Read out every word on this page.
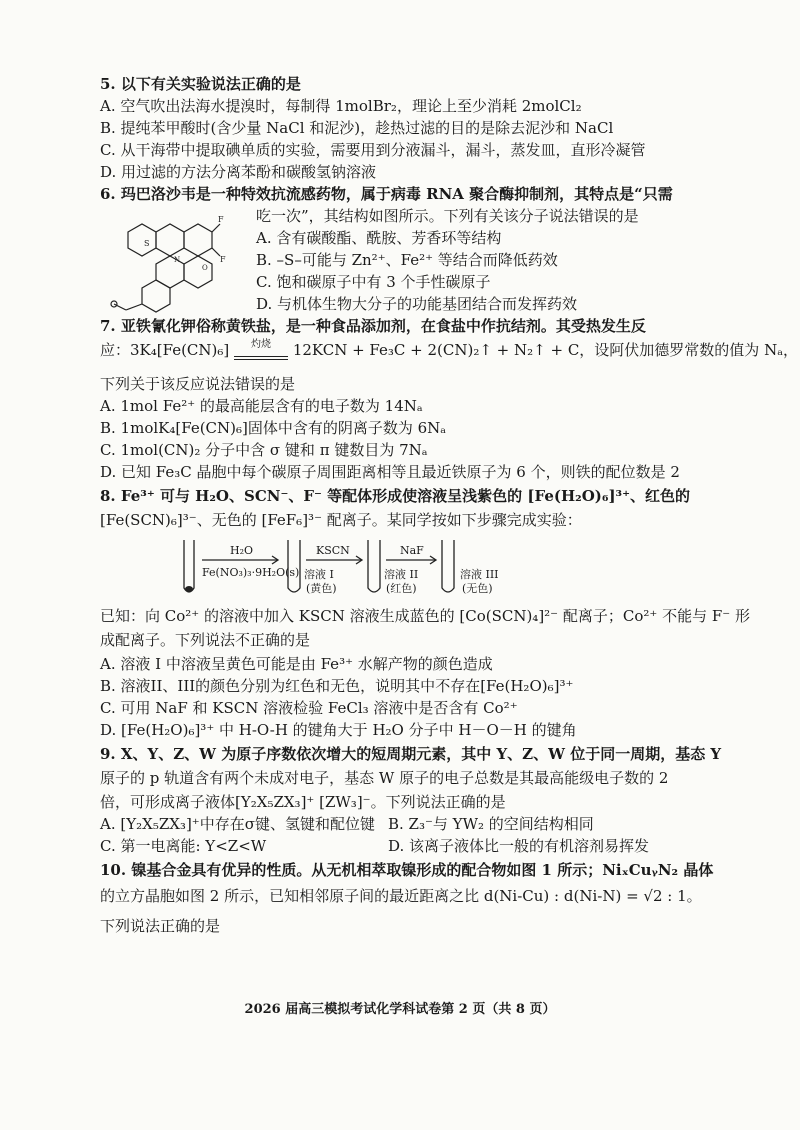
5. 以下有关实验说法正确的是
A. 空气吹出法海水提溴时，每制得 1molBr₂，理论上至少消耗 2molCl₂
B. 提纯苯甲酸时(含少量 NaCl 和泥沙)，趁热过滤的目的是除去泥沙和 NaCl
C. 从干海带中提取碘单质的实验，需要用到分液漏斗，漏斗，蒸发皿，直形冷凝管
D. 用过滤的方法分离苯酚和碳酸氢钠溶液
6. 玛巴洛沙韦是一种特效抗流感药物，属于病毒 RNA 聚合酶抑制剂，其特点是“只需
吃一次”，其结构如图所示。下列有关该分子说法错误的是
S
F
F
N
O
A. 含有碳酸酯、酰胺、芳香环等结构
B. –S–可能与 Zn²⁺、Fe²⁺ 等结合而降低药效
C. 饱和碳原子中有 3 个手性碳原子
D. 与机体生物大分子的功能基团结合而发挥药效
7. 亚铁氰化钾俗称黄铁盐，是一种食品添加剂，在食盐中作抗结剂。其受热发生反
应：3K₄[Fe(CN)₆]	灼烧	12KCN + Fe₃C + 2(CN)₂↑ + N₂↑ + C，设阿伏加德罗常数的值为 Nₐ，
下列关于该反应说法错误的是
A. 1mol Fe²⁺ 的最高能层含有的电子数为 14Nₐ
B. 1molK₄[Fe(CN)₆]固体中含有的阴离子数为 6Nₐ
C. 1mol(CN)₂ 分子中含 σ 键和 π 键数目为 7Nₐ
D. 已知 Fe₃C 晶胞中每个碳原子周围距离相等且最近铁原子为 6 个，则铁的配位数是 2
8. Fe³⁺ 可与 H₂O、SCN⁻、F⁻ 等配体形成使溶液呈浅紫色的 [Fe(H₂O)₆]³⁺、红色的
[Fe(SCN)₆]³⁻、无色的 [FeF₆]³⁻ 配离子。某同学按如下步骤完成实验：
H₂O
Fe(NO₃)₃·9H₂O(s)
KSCN
溶液 I
(黄色)
NaF
溶液 II
(红色)
溶液 III
(无色)
已知：向 Co²⁺ 的溶液中加入 KSCN 溶液生成蓝色的 [Co(SCN)₄]²⁻ 配离子；Co²⁺ 不能与 F⁻ 形
成配离子。下列说法不正确的是
A. 溶液 I 中溶液呈黄色可能是由 Fe³⁺ 水解产物的颜色造成
B. 溶液II、III的颜色分别为红色和无色，说明其中不存在[Fe(H₂O)₆]³⁺
C. 可用 NaF 和 KSCN 溶液检验 FeCl₃ 溶液中是否含有 Co²⁺
D. [Fe(H₂O)₆]³⁺ 中 H-O-H 的键角大于 H₂O 分子中 H－O－H 的键角
9. X、Y、Z、W 为原子序数依次增大的短周期元素，其中 Y、Z、W 位于同一周期，基态 Y
原子的 p 轨道含有两个未成对电子，基态 W 原子的电子总数是其最高能级电子数的 2
倍，可形成离子液体[Y₂X₅ZX₃]⁺ [ZW₃]⁻。下列说法正确的是
A. [Y₂X₅ZX₃]⁺中存在σ键、氢键和配位键 B. Z₃⁻与 YW₂ 的空间结构相同
C. 第一电离能: Y<Z<W	D. 该离子液体比一般的有机溶剂易挥发
10. 镍基合金具有优异的性质。从无机相萃取镍形成的配合物如图 1 所示；NiₓCuᵧN₂ 晶体
的立方晶胞如图 2 所示，已知相邻原子间的最近距离之比 d(Ni-Cu) : d(Ni-N) = √2 : 1。
下列说法正确的是
2026 届高三模拟考试化学科试卷第 2 页（共 8 页）
